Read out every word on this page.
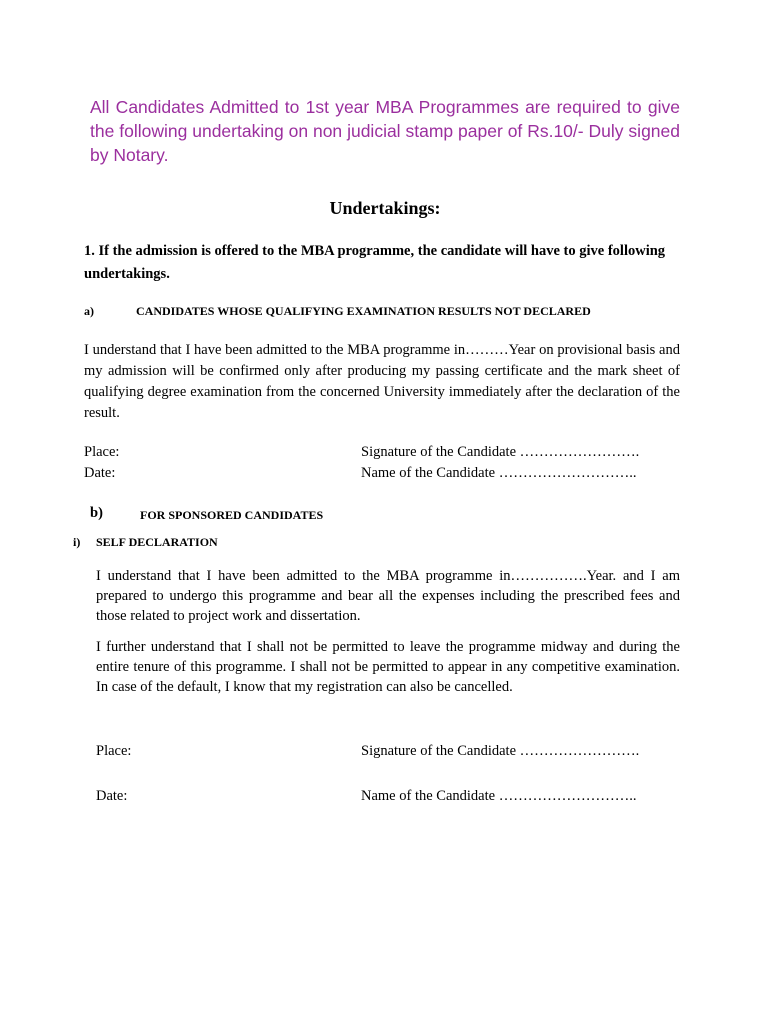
All Candidates Admitted to 1st year MBA Programmes are required to give the following undertaking on non judicial stamp paper of Rs.10/- Duly signed by Notary.
Undertakings:
1. If the admission is offered to the MBA programme, the candidate will have to give following undertakings.
a)	CANDIDATES WHOSE QUALIFYING EXAMINATION RESULTS NOT DECLARED
I understand that I have been admitted to the MBA programme in………Year on provisional basis and my admission will be confirmed only after producing my passing certificate and the mark sheet of qualifying degree examination from the concerned University immediately after the declaration of the result.
Place:
Date:
Signature of the Candidate …………………….
Name of the Candidate ………………………..
b)	FOR SPONSORED CANDIDATES
i) SELF DECLARATION
I understand that I have been admitted to the MBA programme in…………….Year. and I am prepared to undergo this programme and bear all the expenses including the prescribed fees and those related to project work and dissertation.
I further understand that I shall not be permitted to leave the programme midway and during the entire tenure of this programme. I shall not be permitted to appear in any competitive examination. In case of the default, I know that my registration can also be cancelled.
Place:
Date:
Signature of the Candidate …………………….
Name of the Candidate ………………………..
